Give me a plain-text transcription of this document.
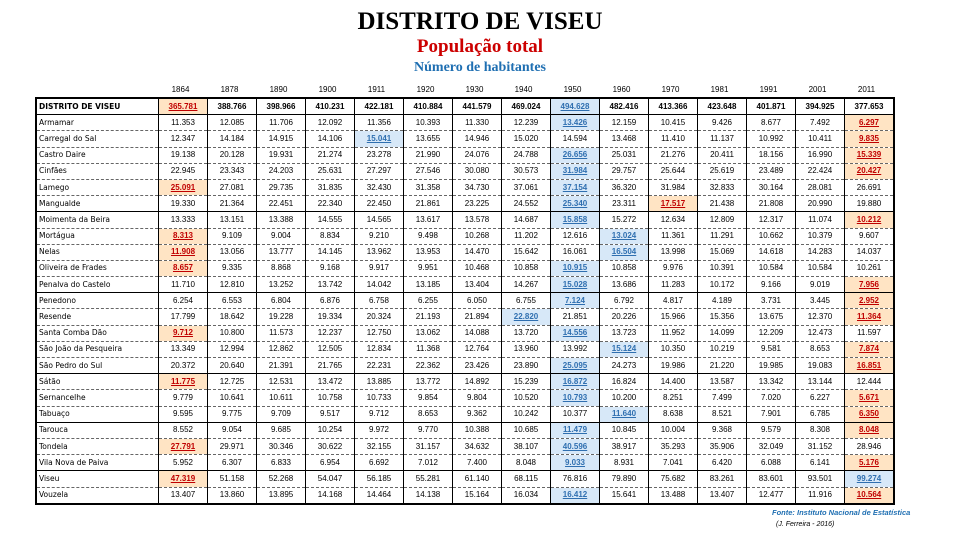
DISTRITO DE VISEU
População total
Número de habitantes
1864	1878	1890	1900	1911	1920	1930	1940	1950	1960	1970	1981	1991	2001	2011
DISTRITO DE VISEU	365.781	388.766	398.966	410.231	422.181	410.884	441.579	469.024	494.628	482.416	413.366	423.648	401.871	394.925	377.653
Armamar	11.353	12.085	11.706	12.092	11.356	10.393	11.330	12.239	13.426	12.159	10.415	9.426	8.677	7.492	6.297
Carregal do Sal	12.347	14.184	14.915	14.106	15.041	13.655	14.946	15.020	14.594	13.468	11.410	11.137	10.992	10.411	9.835
Castro Daire	19.138	20.128	19.931	21.274	23.278	21.990	24.076	24.788	26.656	25.031	21.276	20.411	18.156	16.990	15.339
Cinfães	22.945	23.343	24.203	25.631	27.297	27.546	30.080	30.573	31.984	29.757	25.644	25.619	23.489	22.424	20.427
Lamego	25.091	27.081	29.735	31.835	32.430	31.358	34.730	37.061	37.154	36.320	31.984	32.833	30.164	28.081	26.691
Mangualde	19.330	21.364	22.451	22.340	22.450	21.861	23.225	24.552	25.340	23.311	17.517	21.438	21.808	20.990	19.880
Moimenta da Beira	13.333	13.151	13.388	14.555	14.565	13.617	13.578	14.687	15.858	15.272	12.634	12.809	12.317	11.074	10.212
Mortágua	8.313	9.109	9.004	8.834	9.210	9.498	10.268	11.202	12.616	13.024	11.361	11.291	10.662	10.379	9.607
Nelas	11.908	13.056	13.777	14.145	13.962	13.953	14.470	15.642	16.061	16.504	13.998	15.069	14.618	14.283	14.037
Oliveira de Frades	8.657	9.335	8.868	9.168	9.917	9.951	10.468	10.858	10.915	10.858	9.976	10.391	10.584	10.584	10.261
Penalva do Castelo	11.710	12.810	13.252	13.742	14.042	13.185	13.404	14.267	15.028	13.686	11.283	10.172	9.166	9.019	7.956
Penedono	6.254	6.553	6.804	6.876	6.758	6.255	6.050	6.755	7.124	6.792	4.817	4.189	3.731	3.445	2.952
Resende	17.799	18.642	19.228	19.334	20.324	21.193	21.894	22.820	21.851	20.226	15.966	15.356	13.675	12.370	11.364
Santa Comba Dão	9.712	10.800	11.573	12.237	12.750	13.062	14.088	13.720	14.556	13.723	11.952	14.099	12.209	12.473	11.597
São João da Pesqueira	13.349	12.994	12.862	12.505	12.834	11.368	12.764	13.960	13.992	15.124	10.350	10.219	9.581	8.653	7.874
São Pedro do Sul	20.372	20.640	21.391	21.765	22.231	22.362	23.426	23.890	25.095	24.273	19.986	21.220	19.985	19.083	16.851
Sátão	11.775	12.725	12.531	13.472	13.885	13.772	14.892	15.239	16.872	16.824	14.400	13.587	13.342	13.144	12.444
Sernancelhe	9.779	10.641	10.611	10.758	10.733	9.854	9.804	10.520	10.793	10.200	8.251	7.499	7.020	6.227	5.671
Tabuaço	9.595	9.775	9.709	9.517	9.712	8.653	9.362	10.242	10.377	11.640	8.638	8.521	7.901	6.785	6.350
Tarouca	8.552	9.054	9.685	10.254	9.972	9.770	10.388	10.685	11.479	10.845	10.004	9.368	9.579	8.308	8.048
Tondela	27.791	29.971	30.346	30.622	32.155	31.157	34.632	38.107	40.596	38.917	35.293	35.906	32.049	31.152	28.946
Vila Nova de Paiva	5.952	6.307	6.833	6.954	6.692	7.012	7.400	8.048	9.033	8.931	7.041	6.420	6.088	6.141	5.176
Viseu	47.319	51.158	52.268	54.047	56.185	55.281	61.140	68.115	76.816	79.890	75.682	83.261	83.601	93.501	99.274
Vouzela	13.407	13.860	13.895	14.168	14.464	14.138	15.164	16.034	16.412	15.641	13.488	13.407	12.477	11.916	10.564
Fonte: Instituto Nacional de Estatística
(J. Ferreira - 2016)
